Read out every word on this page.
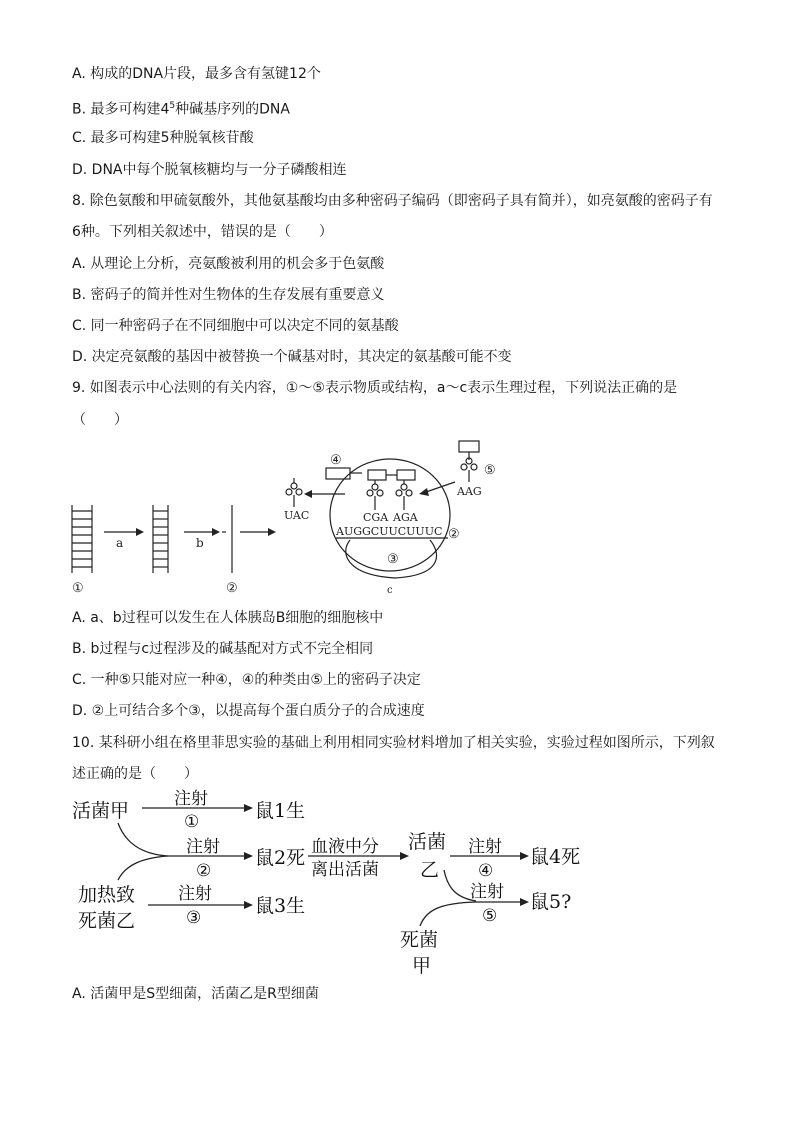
A. 构成的DNA片段，最多含有氢键12个
B. 最多可构建$4^5$种碱基序列的DNA
C. 最多可构建5种脱氧核苷酸
D. DNA中每个脱氧核糖均与一分子磷酸相连
8. 除色氨酸和甲硫氨酸外，其他氨基酸均由多种密码子编码（即密码子具有简并），如亮氨酸的密码子有
6种。下列相关叙述中，错误的是（　　）
A. 从理论上分析，亮氨酸被利用的机会多于色氨酸
B. 密码子的简并性对生物体的生存发展有重要意义
C. 同一种密码子在不同细胞中可以决定不同的氨基酸
D. 决定亮氨酸的基因中被替换一个碱基对时，其决定的氨基酸可能不变
9. 如图表示中心法则的有关内容，①～⑤表示物质或结构，a～c表示生理过程，下列说法正确的是
（　　）
a	b
c
①	②
③
④
⑤
②
UAC	CGA AGA
AAG
AUGGCUUCUUUC
A. a、b过程可以发生在人体胰岛B细胞的细胞核中
B. b过程与c过程涉及的碱基配对方式不完全相同
C. 一种⑤只能对应一种④，④的种类由⑤上的密码子决定
D. ②上可结合多个③，以提高每个蛋白质分子的合成速度
10. 某科研小组在格里菲思实验的基础上利用相同实验材料增加了相关实验，实验过程如图所示，下列叙
述正确的是（　　）
活菌甲
注射
①	鼠1生
注射
②
鼠2死 血液中分
离出活菌
活菌
乙
注射
④
鼠4死
加热致
死菌乙
注射
③
鼠3生
注射
⑤
鼠5?
死菌
甲
A. 活菌甲是S型细菌，活菌乙是R型细菌
